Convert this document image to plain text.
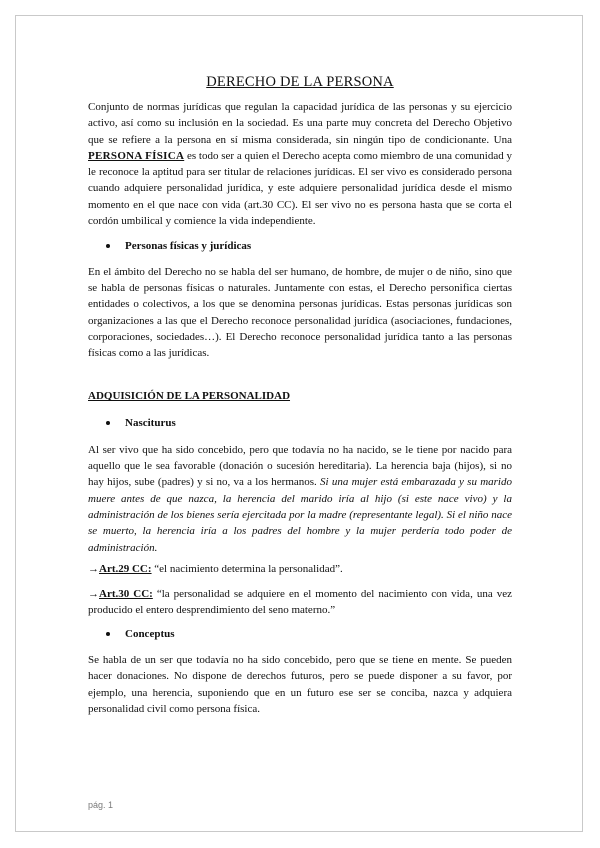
DERECHO DE LA PERSONA

Conjunto de normas jurídicas que regulan la capacidad jurídica de las personas y su ejercicio activo, así como su inclusión en la sociedad. Es una parte muy concreta del Derecho Objetivo que se refiere a la persona en sí misma considerada, sin ningún tipo de condicionante. Una PERSONA FÍSICA es todo ser a quien el Derecho acepta como miembro de una comunidad y le reconoce la aptitud para ser titular de relaciones jurídicas. El ser vivo es considerado persona cuando adquiere personalidad jurídica, y este adquiere personalidad jurídica desde el mismo momento en el que nace con vida (art.30 CC). El ser vivo no es persona hasta que se corta el cordón umbilical y comience la vida independiente.

Personas físicas y jurídicas

En el ámbito del Derecho no se habla del ser humano, de hombre, de mujer o de niño, sino que se habla de personas físicas o naturales. Juntamente con estas, el Derecho personifica ciertas entidades o colectivos, a los que se denomina personas jurídicas. Estas personas jurídicas son organizaciones a las que el Derecho reconoce personalidad jurídica (asociaciones, fundaciones, corporaciones, sociedades…). El Derecho reconoce personalidad jurídica tanto a las personas físicas como a las jurídicas.

ADQUISICIÓN DE LA PERSONALIDAD
Nasciturus

Al ser vivo que ha sido concebido, pero que todavía no ha nacido, se le tiene por nacido para aquello que le sea favorable (donación o sucesión hereditaria). La herencia baja (hijos), si no hay hijos, sube (padres) y si no, va a los hermanos. Si una mujer está embarazada y su marido muere antes de que nazca, la herencia del marido iría al hijo (si este nace vivo) y la administración de los bienes sería ejercitada por la madre (representante legal). Si el niño nace se muerto, la herencia iría a los padres del hombre y la mujer perdería todo poder de administración.

→Art.29 CC: “el nacimiento determina la personalidad”.

→Art.30 CC: “la personalidad se adquiere en el momento del nacimiento con vida, una vez producido el entero desprendimiento del seno materno.”

Conceptus

Se habla de un ser que todavía no ha sido concebido, pero que se tiene en mente. Se pueden hacer donaciones. No dispone de derechos futuros, pero se puede disponer a su favor, por ejemplo, una herencia, suponiendo que en un futuro ese ser se conciba, nazca y adquiera personalidad civil como persona física.

pág. 1
